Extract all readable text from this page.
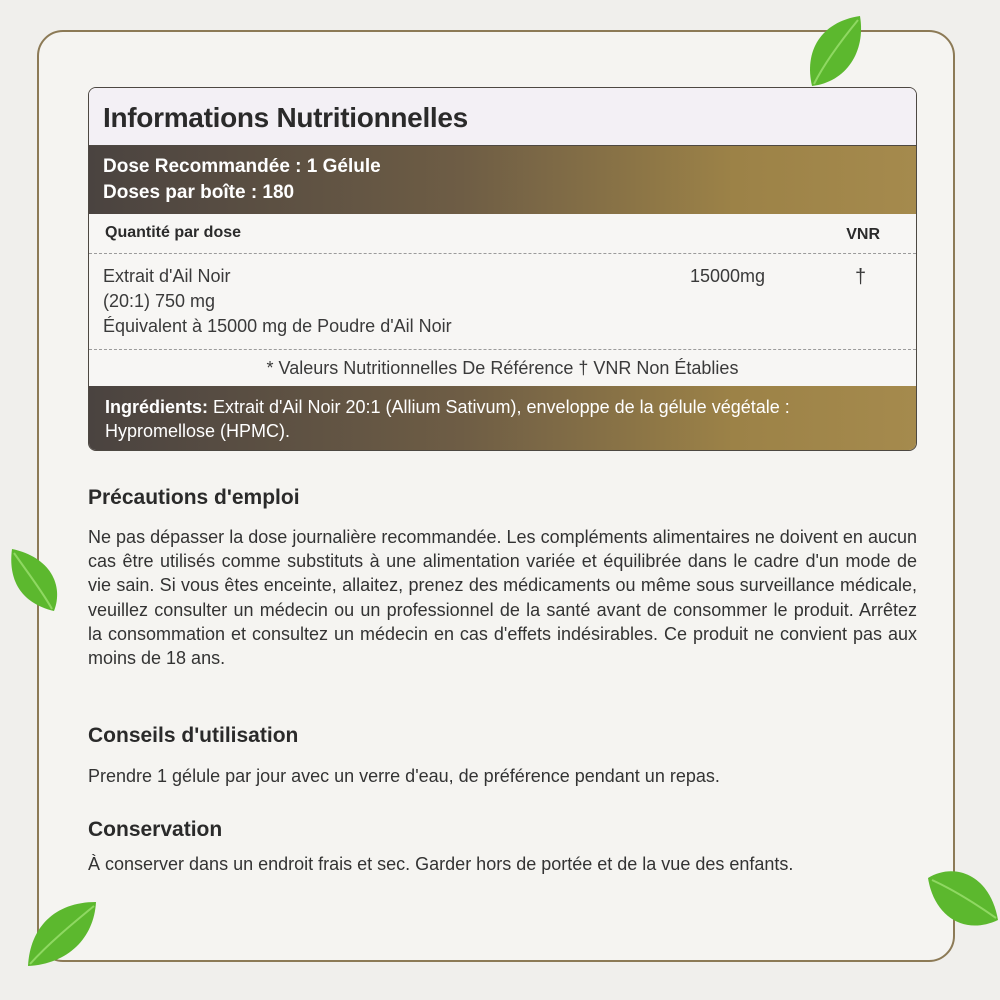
Informations Nutritionnelles
Dose Recommandée : 1 Gélule
Doses par boîte : 180
Quantité par dose	VNR
Extrait d'Ail Noir
(20:1) 750 mg
Équivalent à 15000 mg de Poudre d'Ail Noir
15000mg	†
* Valeurs Nutritionnelles De Référence † VNR Non Établies
Ingrédients: Extrait d'Ail Noir 20:1 (Allium Sativum), enveloppe de la gélule végétale : Hypromellose (HPMC).
Précautions d'emploi
Ne pas dépasser la dose journalière recommandée. Les compléments alimentaires ne doivent en aucun cas être utilisés comme substituts à une alimentation variée et équilibrée dans le cadre d'un mode de vie sain. Si vous êtes enceinte, allaitez, prenez des médicaments ou même sous surveillance médicale, veuillez consulter un médecin ou un professionnel de la santé avant de consommer le produit. Arrêtez la consommation et consultez un médecin en cas d'effets indésirables. Ce produit ne convient pas aux moins de 18 ans.
Conseils d'utilisation
Prendre 1 gélule par jour avec un verre d'eau, de préférence pendant un repas.
Conservation
À conserver dans un endroit frais et sec. Garder hors de portée et de la vue des enfants.
